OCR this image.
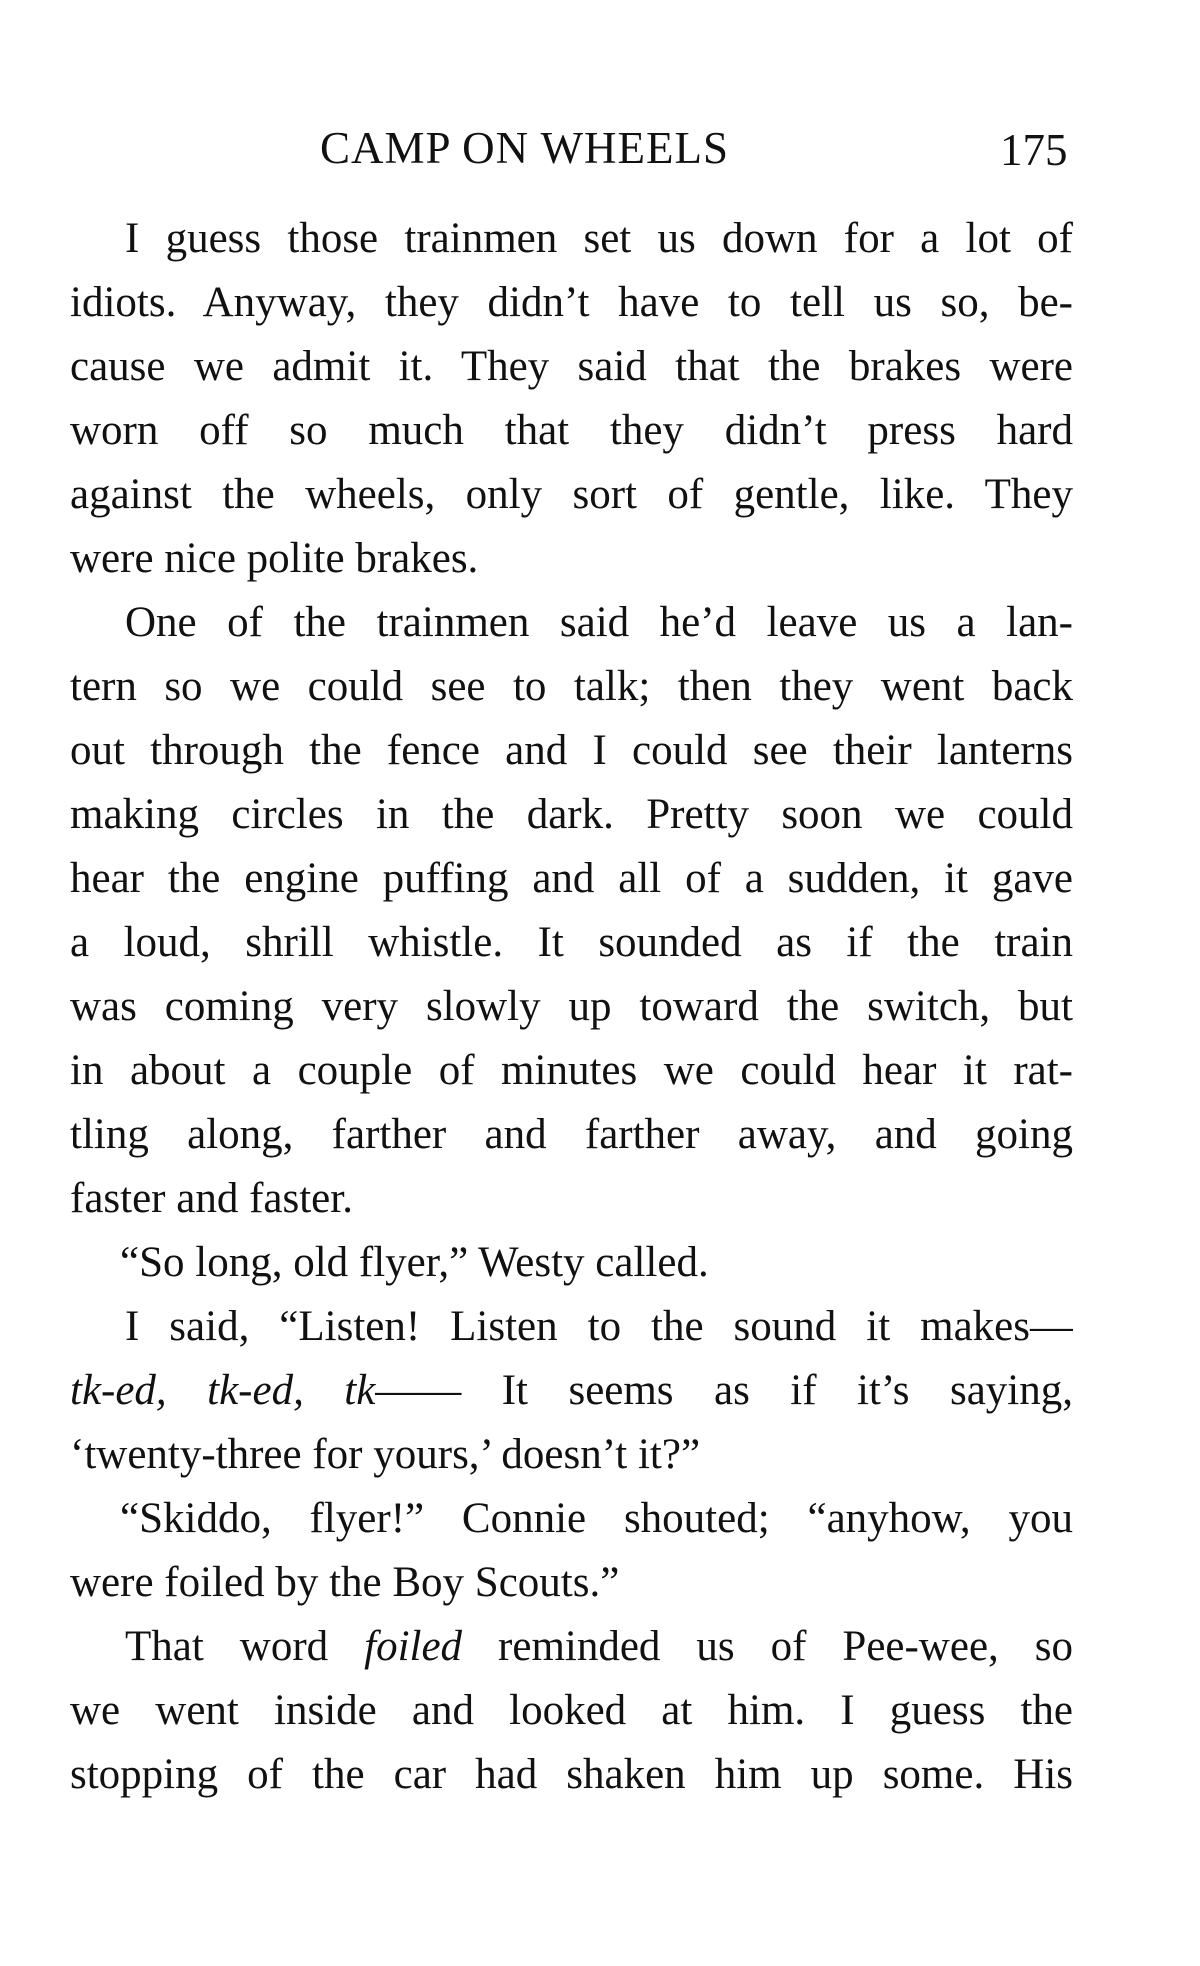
CAMP ON WHEELS	175
I guess those trainmen set us down for a lot of
idiots. Anyway, they didn’t have to tell us so, be-
cause we admit it. They said that the brakes were
worn off so much that they didn’t press hard
against the wheels, only sort of gentle, like. They
were nice polite brakes.
One of the trainmen said he’d leave us a lan-
tern so we could see to talk; then they went back
out through the fence and I could see their lanterns
making circles in the dark. Pretty soon we could
hear the engine puffing and all of a sudden, it gave
a loud, shrill whistle. It sounded as if the train
was coming very slowly up toward the switch, but
in about a couple of minutes we could hear it rat-
tling along, farther and farther away, and going
faster and faster.
“So long, old flyer,” Westy called.
I said, “Listen! Listen to the sound it makes—
tk-ed, tk-ed, tk—— It seems as if it’s saying,
‘twenty-three for yours,’ doesn’t it?”
“Skiddo, flyer!” Connie shouted; “anyhow, you
were foiled by the Boy Scouts.”
That word foiled reminded us of Pee-wee, so
we went inside and looked at him. I guess the
stopping of the car had shaken him up some. His
